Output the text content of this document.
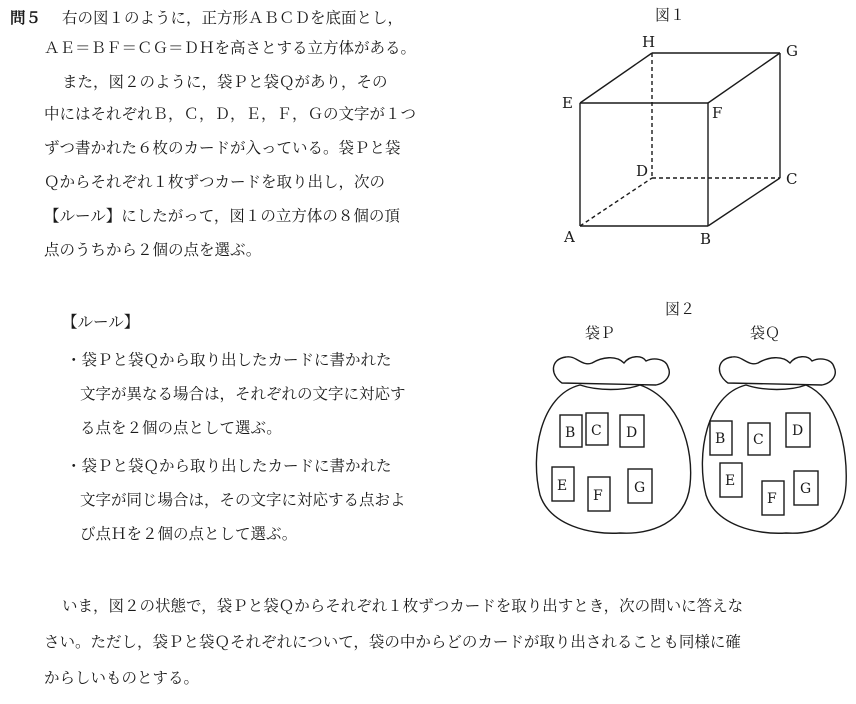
問５ 右の図１のように，正方形ＡＢＣＤを底面とし，
ＡＥ＝ＢＦ＝ＣＧ＝ＤＨを高さとする立方体がある。
また，図２のように，袋Ｐと袋Ｑがあり，その
中にはそれぞれＢ，Ｃ，Ｄ，Ｅ，Ｆ，Ｇの文字が１つ
ずつ書かれた６枚のカードが入っている。袋Ｐと袋
Ｑからそれぞれ１枚ずつカードを取り出し，次の
【ルール】にしたがって，図１の立方体の８個の頂
点のうちから２個の点を選ぶ。
【ルール】
・袋Ｐと袋Ｑから取り出したカードに書かれた
文字が異なる場合は，それぞれの文字に対応す
る点を２個の点として選ぶ。
・袋Ｐと袋Ｑから取り出したカードに書かれた
文字が同じ場合は，その文字に対応する点およ
び点Ｈを２個の点として選ぶ。
いま，図２の状態で，袋Ｐと袋Ｑからそれぞれ１枚ずつカードを取り出すとき，次の問いに答えな
さい。ただし，袋Ｐと袋Ｑそれぞれについて，袋の中からどのカードが取り出されることも同様に確
からしいものとする。
図１
H	G
E
F
D	C
A	B
図２
袋Ｐ	袋Ｑ
B C D
E
F G
B C
D
E
F
G
